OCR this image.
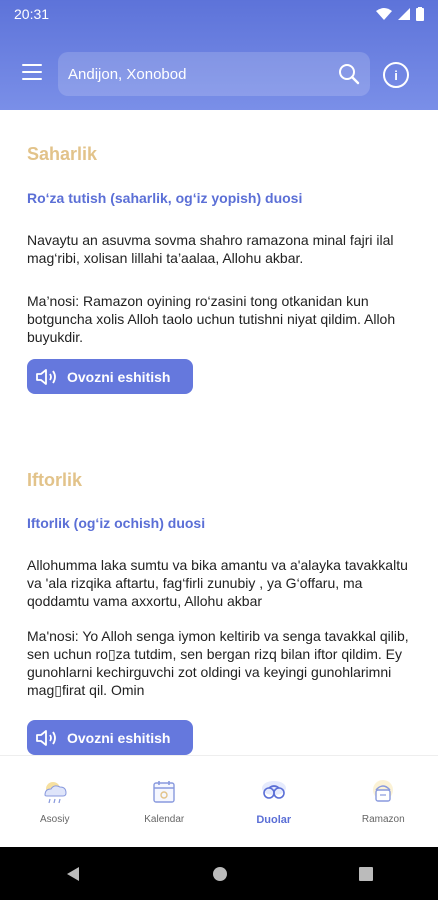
20:31
Andijon, Xonobod
i
Saharlik
Ro‘za tutish (saharlik, og‘iz yopish) duosi
Navaytu an asuvma sovma shahro ramazona minal fajri ilal mag‘ribi, xolisan lillahi ta’aalaa, Allohu akbar.
Ma’nosi: Ramazon oyining ro‘zasini tong otkanidan kun botguncha xolis Alloh taolo uchun tutishni niyat qildim. Alloh buyukdir.
Ovozni eshitish
Iftorlik
Iftorlik (og‘iz ochish) duosi
Allohumma laka sumtu va bika amantu va a'alayka tavakkaltu va 'ala rizqika aftartu, fag‘firli zunubiy , ya G‘offaru, ma qoddamtu vama axxortu, Allohu akbar
Ma'nosi: Yo Alloh senga iymon keltirib va senga tavakkal qilib, sen uchun ro▯za tutdim, sen bergan rizq bilan iftor qildim. Ey gunohlarni kechirguvchi zot oldingi va keyingi gunohlarimni mag▯firat qil. Omin
Ovozni eshitish
Asosiy	Kalendar	Duolar	Ramazon
